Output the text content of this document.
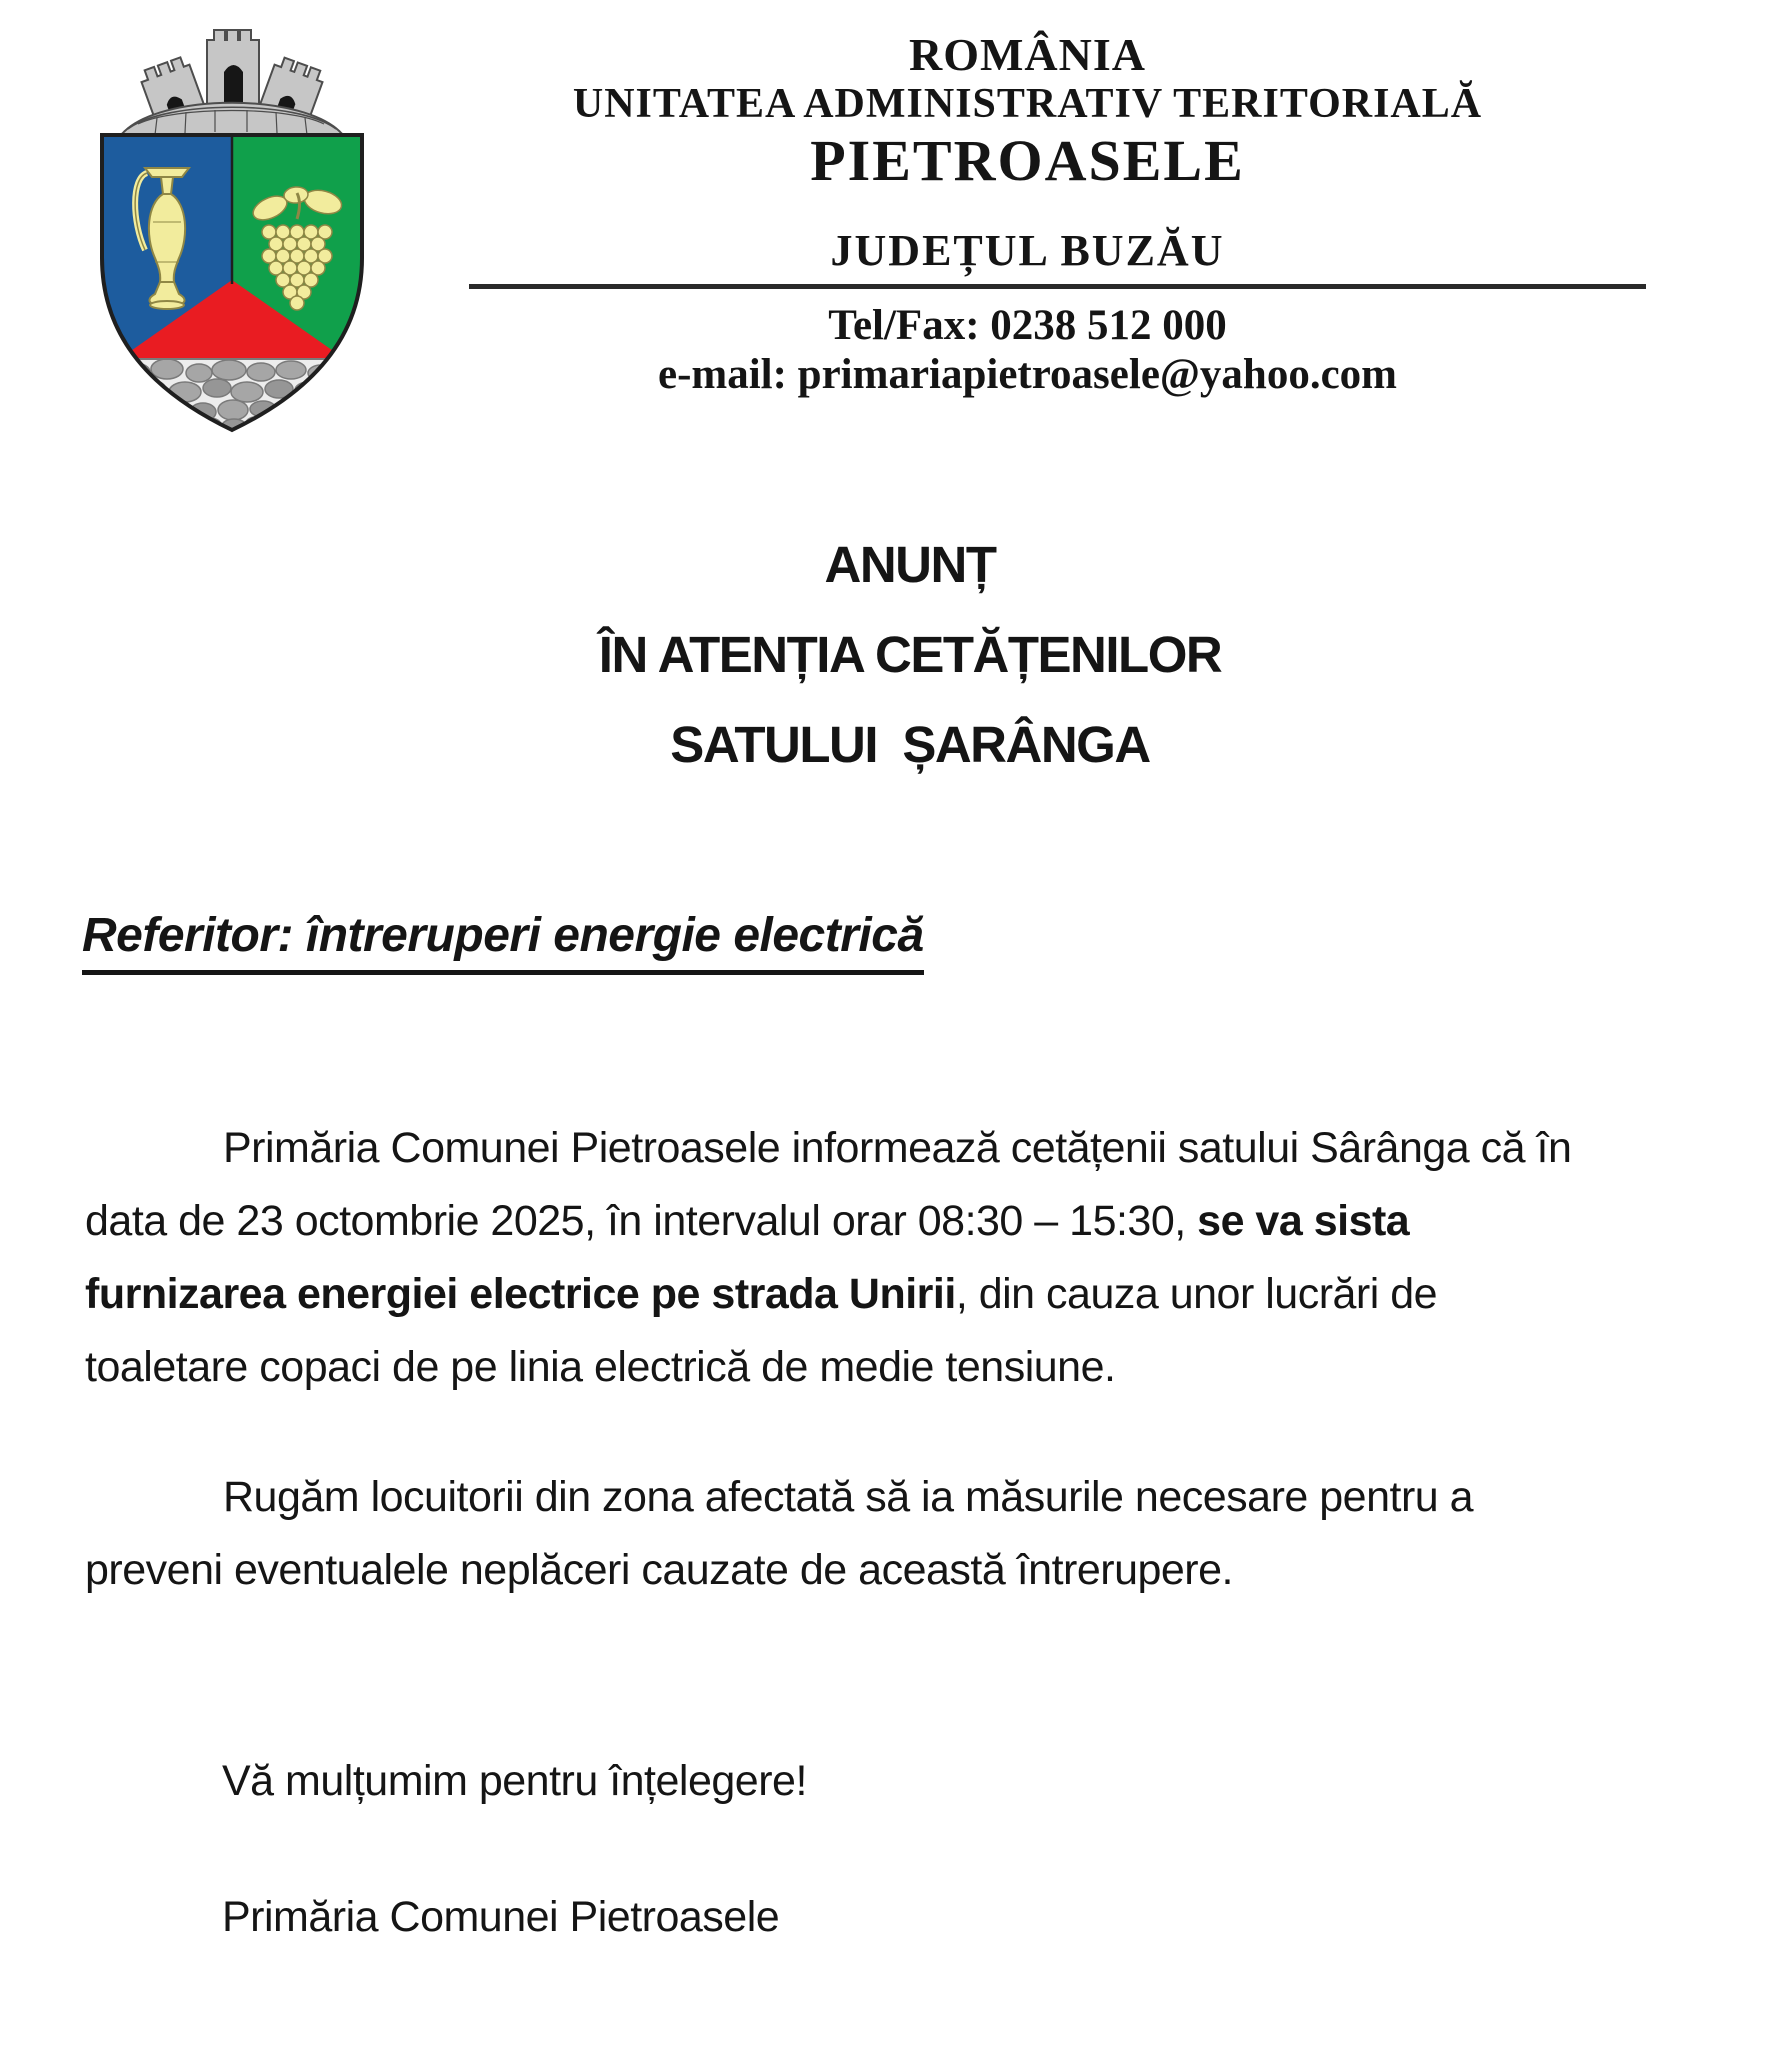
ROMÂNIA
UNITATEA ADMINISTRATIV TERITORIALĂ
PIETROASELE
JUDEȚUL BUZĂU
Tel/Fax: 0238 512 000
e-mail: primariapietroasele@yahoo.com
ANUNȚ
ÎN ATENȚIA CETĂȚENILOR
SATULUI  ȘARÂNGA
Referitor: întreruperi energie electrică
Primăria Comunei Pietroasele informează cetățenii satului Sârânga că în
data de 23 octombrie 2025, în intervalul orar 08:30 – 15:30, se va sista
furnizarea energiei electrice pe strada Unirii, din cauza unor lucrări de
toaletare copaci de pe linia electrică de medie tensiune.
Rugăm locuitorii din zona afectată să ia măsurile necesare pentru a
preveni eventualele neplăceri cauzate de această întrerupere.
Vă mulțumim pentru înțelegere!
Primăria Comunei Pietroasele
